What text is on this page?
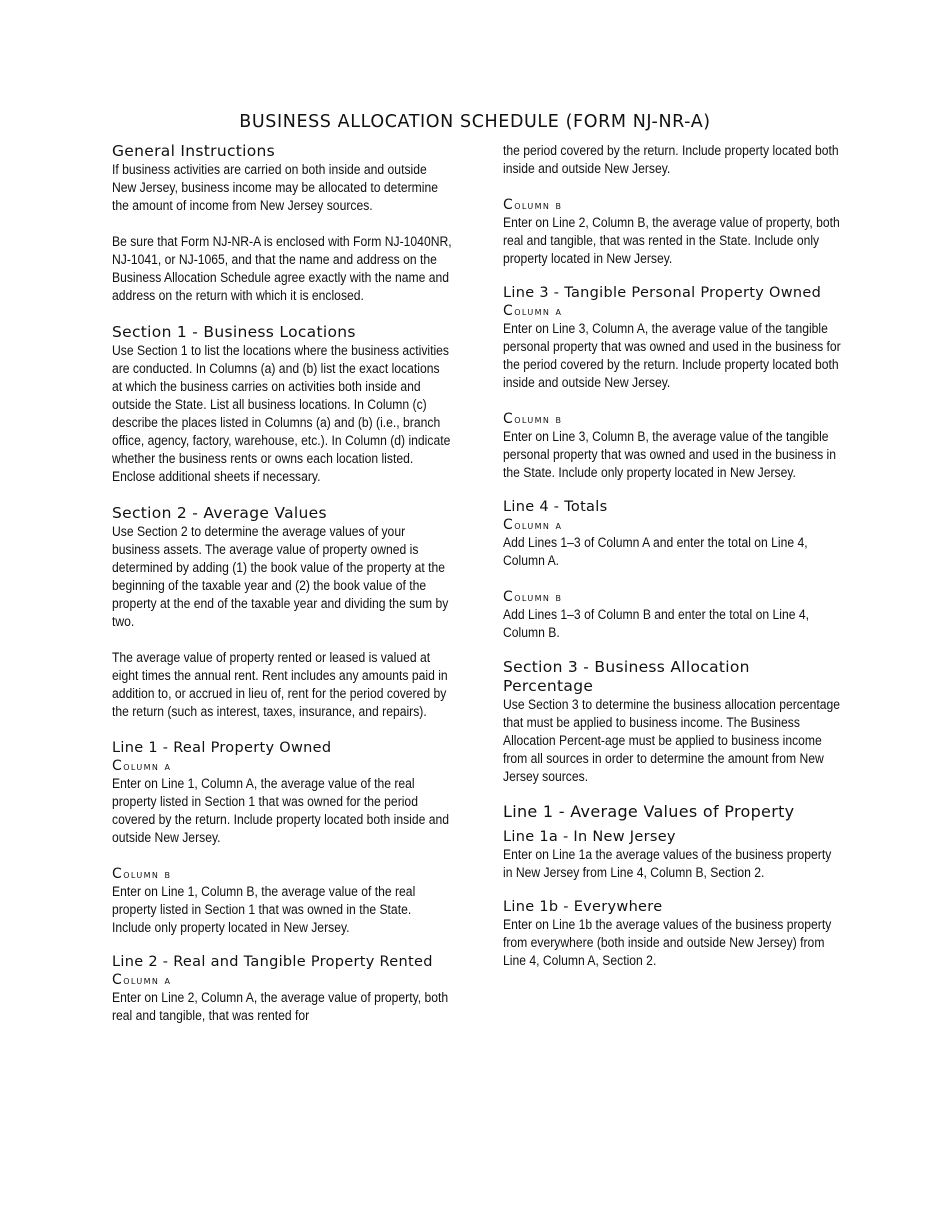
BUSINESS ALLOCATION SCHEDULE (FORM NJ-NR-A)
General Instructions

If business activities are carried on both inside and outside New Jersey, business income may be allocated to determine the amount of income from New Jersey sources.

Be sure that Form NJ-NR-A is enclosed with Form NJ-1040NR, NJ-1041, or NJ-1065, and that the name and address on the Business Allocation Schedule agree exactly with the name and address on the return with which it is enclosed.

Section 1 - Business Locations

Use Section 1 to list the locations where the business activities are conducted. In Columns (a) and (b) list the exact locations at which the business carries on activities both inside and outside the State. List all business locations. In Column (c) describe the places listed in Columns (a) and (b) (i.e., branch office, agency, factory, warehouse, etc.). In Column (d) indicate whether the business rents or owns each location listed. Enclose additional sheets if necessary.

Section 2 - Average Values

Use Section 2 to determine the average values of your business assets. The average value of property owned is determined by adding (1) the book value of the property at the beginning of the taxable year and (2) the book value of the property at the end of the taxable year and dividing the sum by two.

The average value of property rented or leased is valued at eight times the annual rent. Rent includes any amounts paid in addition to, or accrued in lieu of, rent for the period covered by the return (such as interest, taxes, insurance, and repairs).

Line 1 - Real Property Owned
Column a

Enter on Line 1, Column A, the average value of the real property listed in Section 1 that was owned for the period covered by the return. Include property located both inside and outside New Jersey.

Column b

Enter on Line 1, Column B, the average value of the real property listed in Section 1 that was owned in the State. Include only property located in New Jersey.

Line 2 - Real and Tangible Property Rented
Column a

Enter on Line 2, Column A, the average value of property, both real and tangible, that was rented for

the period covered by the return. Include property located both inside and outside New Jersey.

Column b

Enter on Line 2, Column B, the average value of property, both real and tangible, that was rented in the State. Include only property located in New Jersey.

Line 3 - Tangible Personal Property Owned
Column a

Enter on Line 3, Column A, the average value of the tangible personal property that was owned and used in the business for the period covered by the return. Include property located both inside and outside New Jersey.

Column b

Enter on Line 3, Column B, the average value of the tangible personal property that was owned and used in the business in the State. Include only property located in New Jersey.

Line 4 - Totals
Column a

Add Lines 1–3 of Column A and enter the total on Line 4, Column A.

Column b

Add Lines 1–3 of Column B and enter the total on Line 4, Column B.

Section 3 - Business Allocation Percentage

Use Section 3 to determine the business allocation percentage that must be applied to business income. The Business Allocation Percent-age must be applied to business income from all sources in order to determine the amount from New Jersey sources.

Line 1 - Average Values of Property
Line 1a - In New Jersey

Enter on Line 1a the average values of the business property in New Jersey from Line 4, Column B, Section 2.

Line 1b - Everywhere

Enter on Line 1b the average values of the business property from everywhere (both inside and outside New Jersey) from Line 4, Column A, Section 2.
